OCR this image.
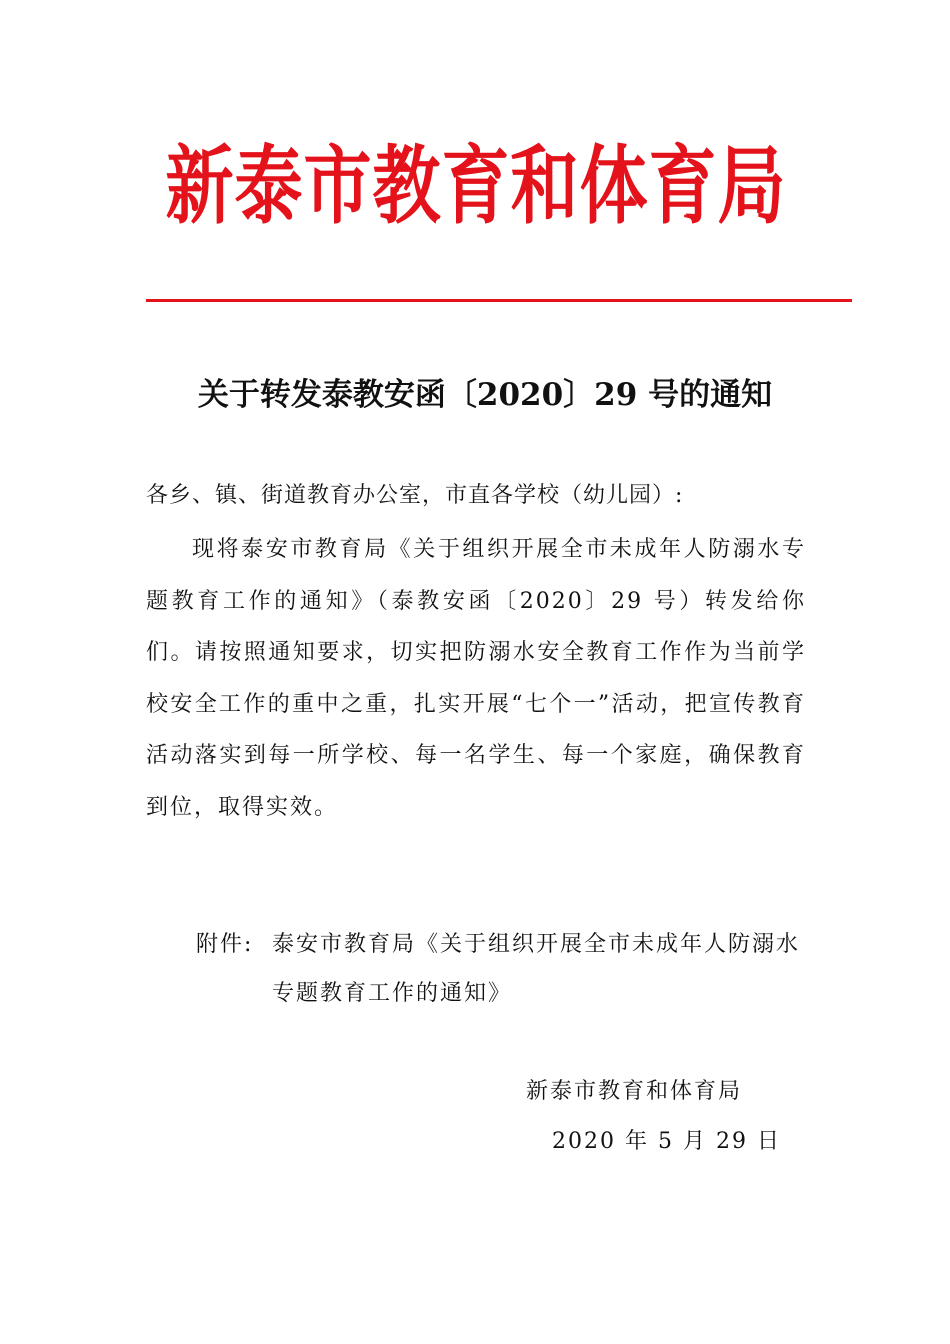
新泰市教育和体育局
关于转发泰教安函〔2020〕29 号的通知
各乡、镇、街道教育办公室，市直各学校（幼儿园）:
现将泰安市教育局《关于组织开展全市未成年人防溺水专题教育工作的通知》（泰教安函〔2020〕29 号）转发给你们。请按照通知要求，切实把防溺水安全教育工作作为当前学校安全工作的重中之重，扎实开展“七个一”活动，把宣传教育活动落实到每一所学校、每一名学生、每一个家庭，确保教育到位，取得实效。
附件: 泰安市教育局《关于组织开展全市未成年人防溺水专题教育工作的通知》
新泰市教育和体育局
2020 年 5 月 29 日
